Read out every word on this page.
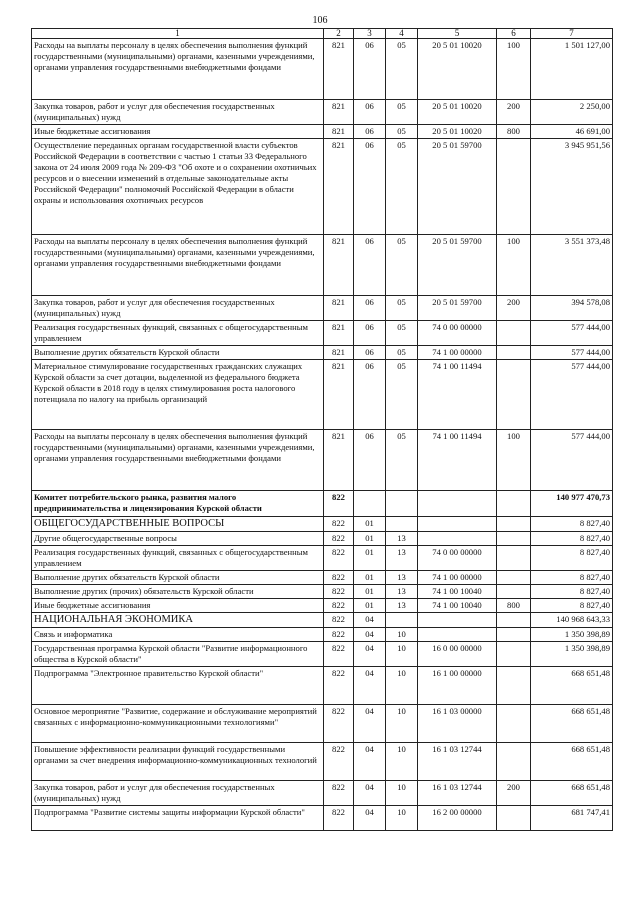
106
1	2	3	4	5	6	7
Расходы на выплаты персоналу в целях обеспечения выполнения функций государственными (муниципальными) органами, казенными учреждениями, органами управления государственными внебюджетными фондами	821	06	05	20 5 01 10020	100	1 501 127,00
Закупка товаров, работ и услуг для обеспечения государственных (муниципальных) нужд	821	06	05	20 5 01 10020	200	2 250,00
Иные бюджетные ассигнования	821	06	05	20 5 01 10020	800	46 691,00
Осуществление переданных органам государственной власти субъектов Российской Федерации в соответствии с частью 1 статьи 33 Федерального закона от 24 июля 2009 года № 209-ФЗ "Об охоте и о сохранении охотничьих ресурсов и о внесении изменений в отдельные законодательные акты Российской Федерации" полномочий Российской Федерации в области охраны и использования охотничьих ресурсов	821	06	05	20 5 01 59700		3 945 951,56
Расходы на выплаты персоналу в целях обеспечения выполнения функций государственными (муниципальными) органами, казенными учреждениями, органами управления государственными внебюджетными фондами	821	06	05	20 5 01 59700	100	3 551 373,48
Закупка товаров, работ и услуг для обеспечения государственных (муниципальных) нужд	821	06	05	20 5 01 59700	200	394 578,08
Реализация государственных функций, связанных с общегосударственным управлением	821	06	05	74 0 00 00000		577 444,00
Выполнение других обязательств Курской области	821	06	05	74 1 00 00000		577 444,00
Материальное стимулирование государственных гражданских служащих Курской области за счет дотации, выделенной из федерального бюджета Курской области в 2018 году в целях стимулирования роста налогового потенциала по налогу на прибыль организаций	821	06	05	74 1 00 11494		577 444,00
Расходы на выплаты персоналу в целях обеспечения выполнения функций государственными (муниципальными) органами, казенными учреждениями, органами управления государственными внебюджетными фондами	821	06	05	74 1 00 11494	100	577 444,00
Комитет потребительского рынка, развития малого предпринимательства и лицензирования Курской области	822					140 977 470,73
ОБЩЕГОСУДАРСТВЕННЫЕ ВОПРОСЫ	822	01				8 827,40
Другие общегосударственные вопросы	822	01	13			8 827,40
Реализация государственных функций, связанных с общегосударственным управлением	822	01	13	74 0 00 00000		8 827,40
Выполнение других обязательств Курской области	822	01	13	74 1 00 00000		8 827,40
Выполнение других (прочих) обязательств Курской области	822	01	13	74 1 00 10040		8 827,40
Иные бюджетные ассигнования	822	01	13	74 1 00 10040	800	8 827,40
НАЦИОНАЛЬНАЯ ЭКОНОМИКА	822	04				140 968 643,33
Связь и информатика	822	04	10			1 350 398,89
Государственная программа Курской области "Развитие информационного общества в Курской области"	822	04	10	16 0 00 00000		1 350 398,89
Подпрограмма "Электронное правительство Курской области"	822	04	10	16 1 00 00000		668 651,48
Основное мероприятие "Развитие, содержание и обслуживание мероприятий связанных с информационно-коммуникационными технологиями"	822	04	10	16 1 03 00000		668 651,48
Повышение эффективности реализации функций государственными органами за счет внедрения информационно-коммуникационных технологий	822	04	10	16 1 03 12744		668 651,48
Закупка товаров, работ и услуг для обеспечения государственных (муниципальных) нужд	822	04	10	16 1 03 12744	200	668 651,48
Подпрограмма "Развитие системы защиты информации Курской области"	822	04	10	16 2 00 00000		681 747,41
